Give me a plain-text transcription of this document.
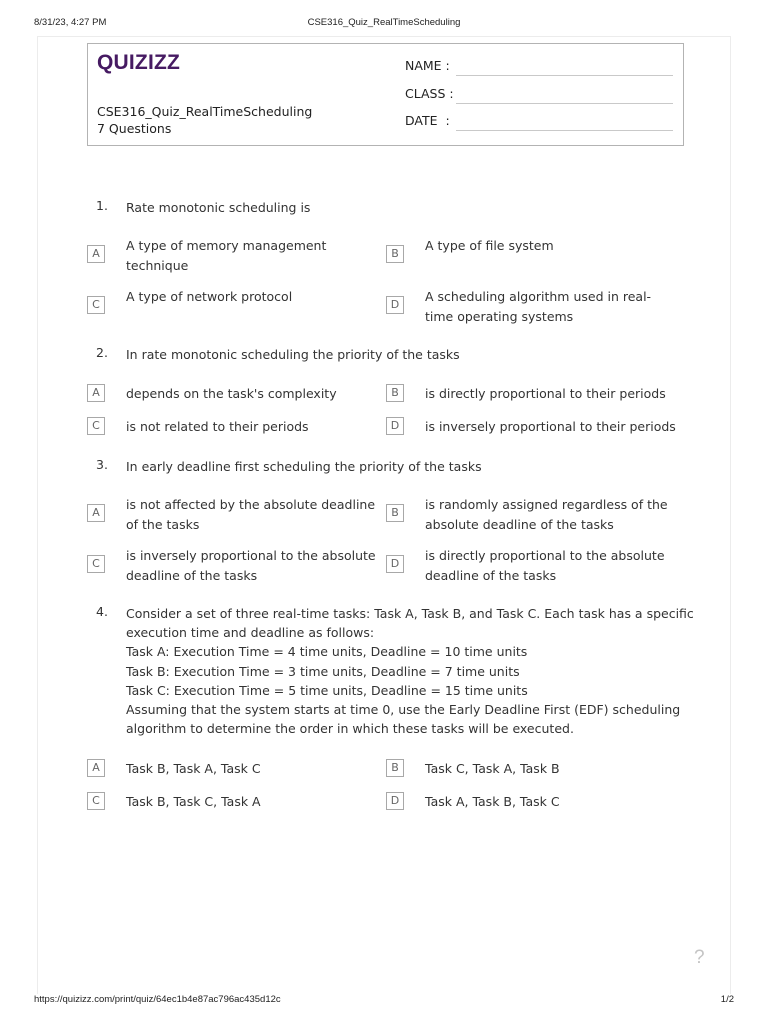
8/31/23, 4:27 PM	CSE316_Quiz_RealTimeScheduling
QUIZIZZ
CSE316_Quiz_RealTimeScheduling
7 Questions
NAME :
CLASS :
DATE  :
1. Rate monotonic scheduling is
A
A type of memory management technique
B
A type of file system
C
A type of network protocol
D
A scheduling algorithm used in real-time operating systems
2. In rate monotonic scheduling the priority of the tasks
A	depends on the task's complexity	B	is directly proportional to their periods
C	is not related to their periods	D	is inversely proportional to their periods
3. In early deadline first scheduling the priority of the tasks
A
is not affected by the absolute deadline of the tasks
B
is randomly assigned regardless of the absolute deadline of the tasks
C
is inversely proportional to the absolute deadline of the tasks
D
is directly proportional to the absolute deadline of the tasks
4. Consider a set of three real-time tasks: Task A, Task B, and Task C. Each task has a specific execution time and deadline as follows:
Task A: Execution Time = 4 time units, Deadline = 10 time units
Task B: Execution Time = 3 time units, Deadline = 7 time units
Task C: Execution Time = 5 time units, Deadline = 15 time units
Assuming that the system starts at time 0, use the Early Deadline First (EDF) scheduling algorithm to determine the order in which these tasks will be executed.
A	Task B, Task A, Task C	B	Task C, Task A, Task B
C	Task B, Task C, Task A	D	Task A, Task B, Task C
?
https://quizizz.com/print/quiz/64ec1b4e87ac796ac435d12c	1/2
